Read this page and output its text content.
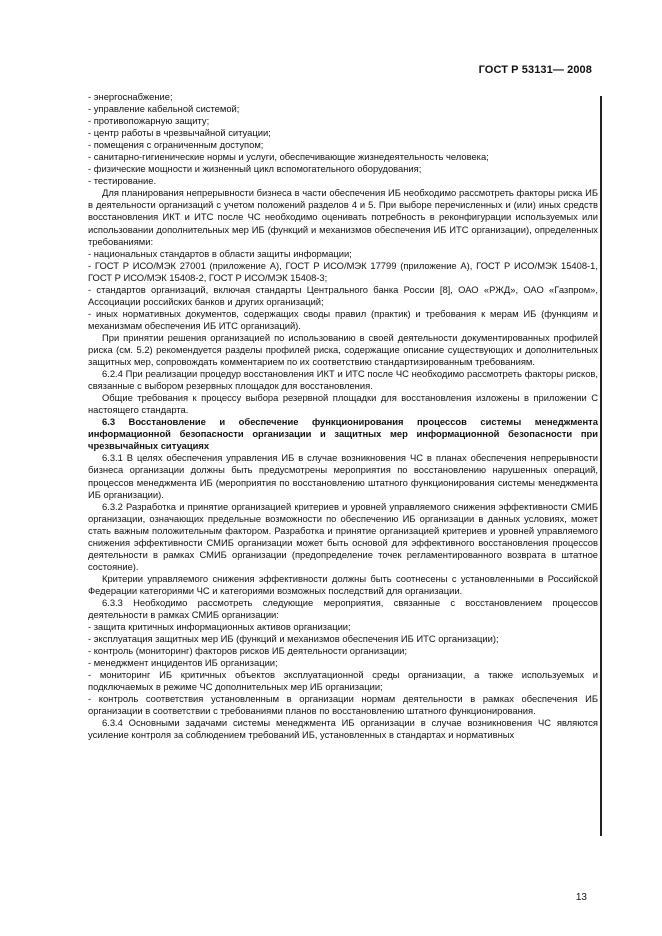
ГОСТ Р 53131— 2008

- энергоснабжение;

- управление кабельной системой;

- противопожарную защиту;

- центр работы в чрезвычайной ситуации;

- помещения с ограниченным доступом;

- санитарно-гигиенические нормы и услуги, обеспечивающие жизнедеятельность человека;

- физические мощности и жизненный цикл вспомогательного оборудования;

- тестирование.

Для планирования непрерывности бизнеса в части обеспечения ИБ необходимо рассмотреть факторы риска ИБ в деятельности организаций с учетом положений разделов 4 и 5. При выборе перечисленных и (или) иных средств восстановления ИКТ и ИТС после ЧС необходимо оценивать потребность в реконфигурации используемых или использовании дополнительных мер ИБ (функций и механизмов обеспечения ИБ ИТС организации), определенных требованиями:

- национальных стандартов в области защиты информации;

- ГОСТ Р ИСО/МЭК 27001 (приложение А), ГОСТ Р ИСО/МЭК 17799 (приложение А), ГОСТ Р ИСО/МЭК 15408-1, ГОСТ Р ИСО/МЭК 15408-2, ГОСТ Р ИСО/МЭК 15408-3;

- стандартов организаций, включая стандарты Центрального банка России [8], ОАО «РЖД», ОАО «Газпром», Ассоциации российских банков и других организаций;

- иных нормативных документов, содержащих своды правил (практик) и требования к мерам ИБ (функциям и механизмам обеспечения ИБ ИТС организаций).

При принятии решения организацией по использованию в своей деятельности документированных профилей риска (см. 5.2) рекомендуется разделы профилей риска, содержащие описание существующих и дополнительных защитных мер, сопровождать комментарием по их соответствию стандартизированным требованиям.

6.2.4 При реализации процедур восстановления ИКТ и ИТС после ЧС необходимо рассмотреть факторы рисков, связанные с выбором резервных площадок для восстановления.

Общие требования к процессу выбора резервной площадки для восстановления изложены в приложении С настоящего стандарта.

6.3 Восстановление и обеспечение функционирования процессов системы менеджмента информационной безопасности организации и защитных мер информационной безопасности при чрезвычайных ситуациях

6.3.1 В целях обеспечения управления ИБ в случае возникновения ЧС в планах обеспечения непрерывности бизнеса организации должны быть предусмотрены мероприятия по восстановлению нарушенных операций, процессов менеджмента ИБ (мероприятия по восстановлению штатного функционирования системы менеджмента ИБ организации).

6.3.2 Разработка и принятие организацией критериев и уровней управляемого снижения эффективности СМИБ организации, означающих предельные возможности по обеспечению ИБ организации в данных условиях, может стать важным положительным фактором. Разработка и принятие организацией критериев и уровней управляемого снижения эффективности СМИБ организации может быть основой для эффективного восстановления процессов деятельности в рамках СМИБ организации (предопределение точек регламентированного возврата в штатное состояние).

Критерии управляемого снижения эффективности должны быть соотнесены с установленными в Российской Федерации категориями ЧС и категориями возможных последствий для организации.

6.3.3 Необходимо рассмотреть следующие мероприятия, связанные с восстановлением процессов деятельности в рамках СМИБ организации:

- защита критичных информационных активов организации;

- эксплуатация защитных мер ИБ (функций и механизмов обеспечения ИБ ИТС организации);

- контроль (мониторинг) факторов рисков ИБ деятельности организации;

- менеджмент инцидентов ИБ организации;

- мониторинг ИБ критичных объектов эксплуатационной среды организации, а также используемых и подключаемых в режиме ЧС дополнительных мер ИБ организации;

- контроль соответствия установленным в организации нормам деятельности в рамках обеспечения ИБ организации в соответствии с требованиями планов по восстановлению штатного функционирования.

6.3.4 Основными задачами системы менеджмента ИБ организации в случае возникновения ЧС являются усиление контроля за соблюдением требований ИБ, установленных в стандартах и нормативных

13
